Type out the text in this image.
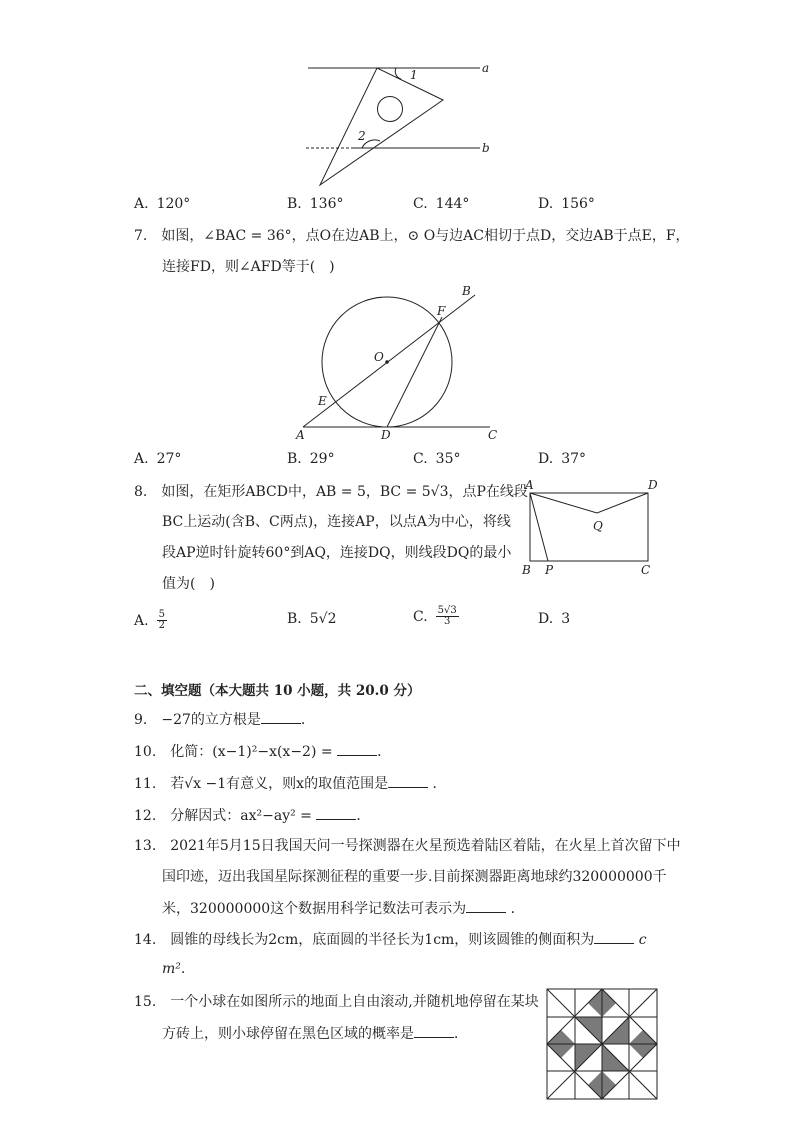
1
2
a
b
A. 120°	B. 136°	C. 144°	D. 156°
7.　如图，∠BAC = 36°，点O在边AB上，⊙ O与边AC相切于点D，交边AB于点E，F，
连接FD，则∠AFD等于(　)
A
B
C
D
E
F
O
A. 27°	B. 29°	C. 35°	D. 37°
8.　如图，在矩形ABCD中，AB = 5，BC = 5√3，点P在线段
BC上运动(含B、C两点)，连接AP，以点A为中心，将线
段AP逆时针旋转60°到AQ，连接DQ，则线段DQ的最小
值为(　)
A	D
B P	C
Q
A. $\frac{5}{2}$	B. 5√2	C. $\frac{5√3}{3}$	D. 3
二、填空题（本大题共 10 小题，共 20.0 分）
9.　−27的立方根是	．
10.　化简：(x−1)²−x(x−2) =	．
11.　若√x −1有意义，则x的取值范围是	．
12.　分解因式：ax²−ay² =	．
13.　2021年5月15日我国天问一号探测器在火星预选着陆区着陆，在火星上首次留下中
国印迹，迈出我国星际探测征程的重要一步.目前探测器距离地球约320000000千
米，320000000这个数据用科学记数法可表示为	．
14.　圆锥的母线长为2cm，底面圆的半径长为1cm，则该圆锥的侧面积为	c
m².
15.　一个小球在如图所示的地面上自由滚动,并随机地停留在某块
方砖上，则小球停留在黑色区域的概率是	．
